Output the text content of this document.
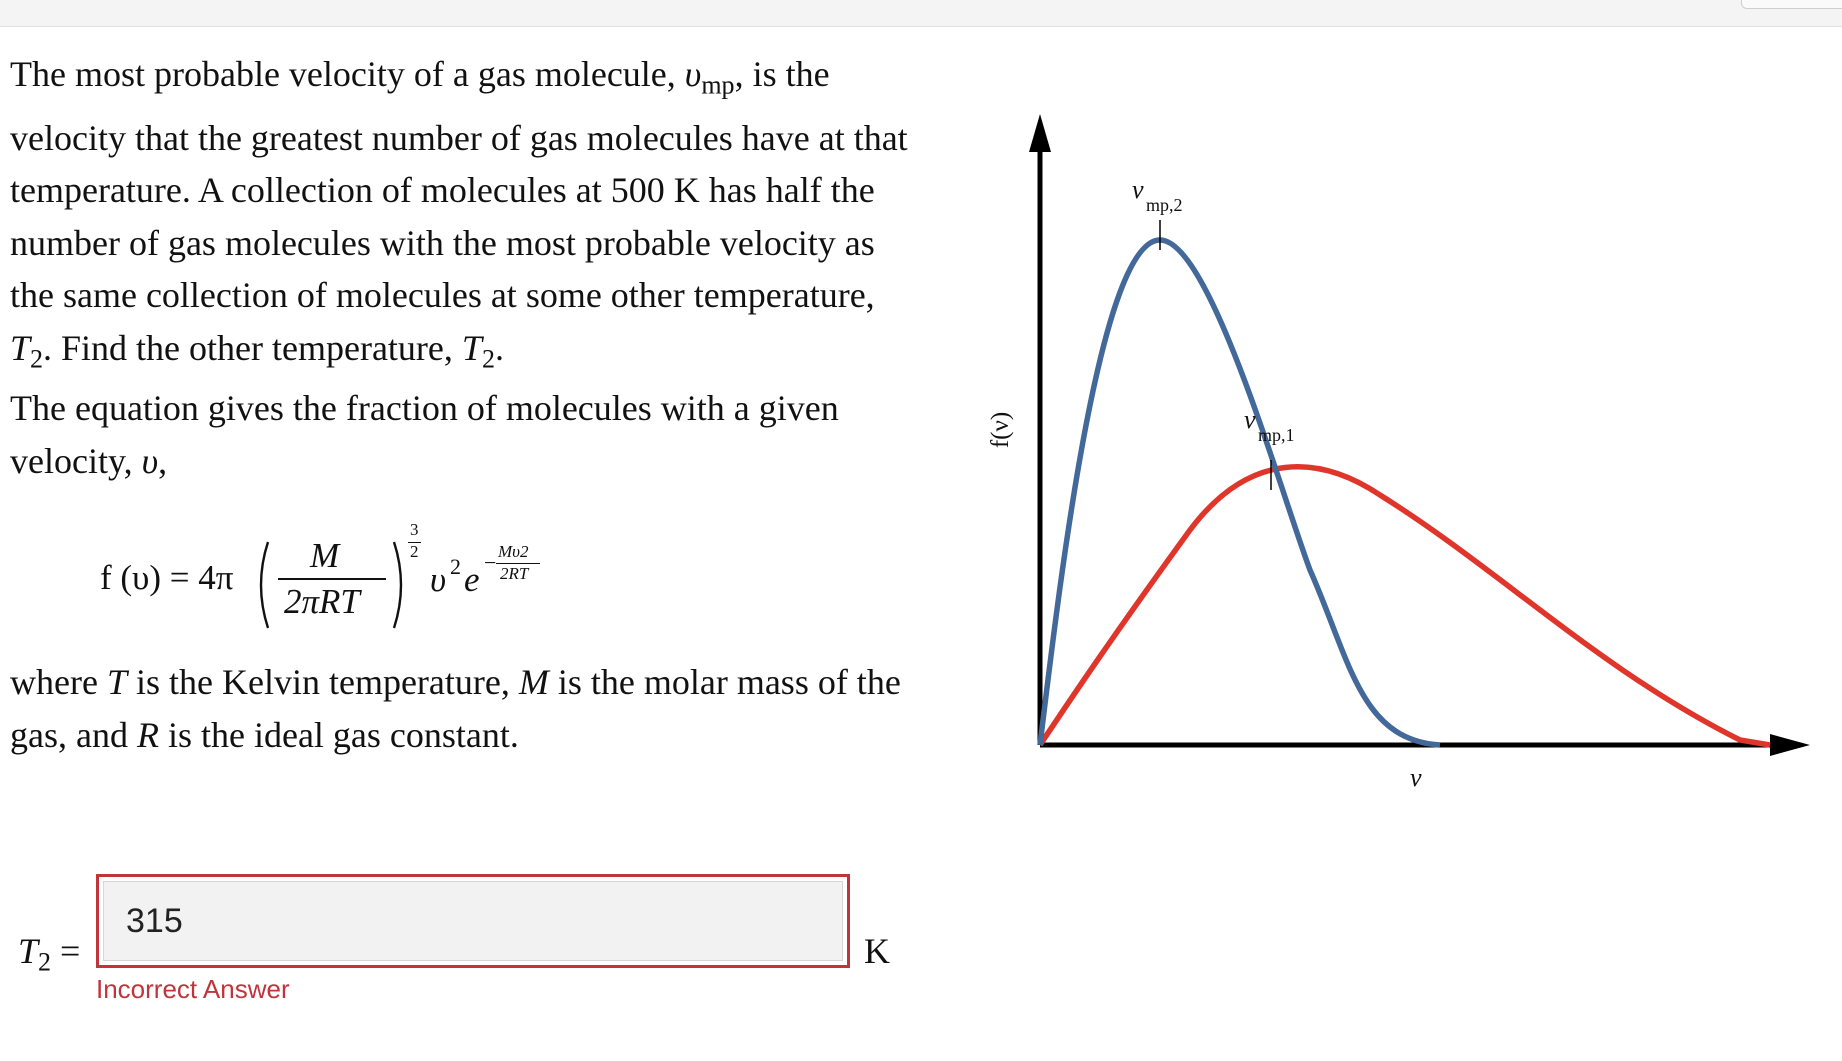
The most probable velocity of a gas molecule, $\upsilon_{mp}$, is the velocity that the greatest number of gas molecules have at that temperature. A collection of molecules at 500 K has half the number of gas molecules with the most probable velocity as the same collection of molecules at some other temperature, $T_2$. Find the other temperature, $T_2$.

The equation gives the fraction of molecules with a given velocity, υ,

f (υ) = 4π
M
2πRT
3
2
υ 2 e − Mυ2
2RT

where T is the Kelvin temperature, M is the molar mass of the gas, and R is the ideal gas constant.

$T_2$ =
315	K
Incorrect Answer
ν
mp,2
ν
mp,1
ν
f(ν)
